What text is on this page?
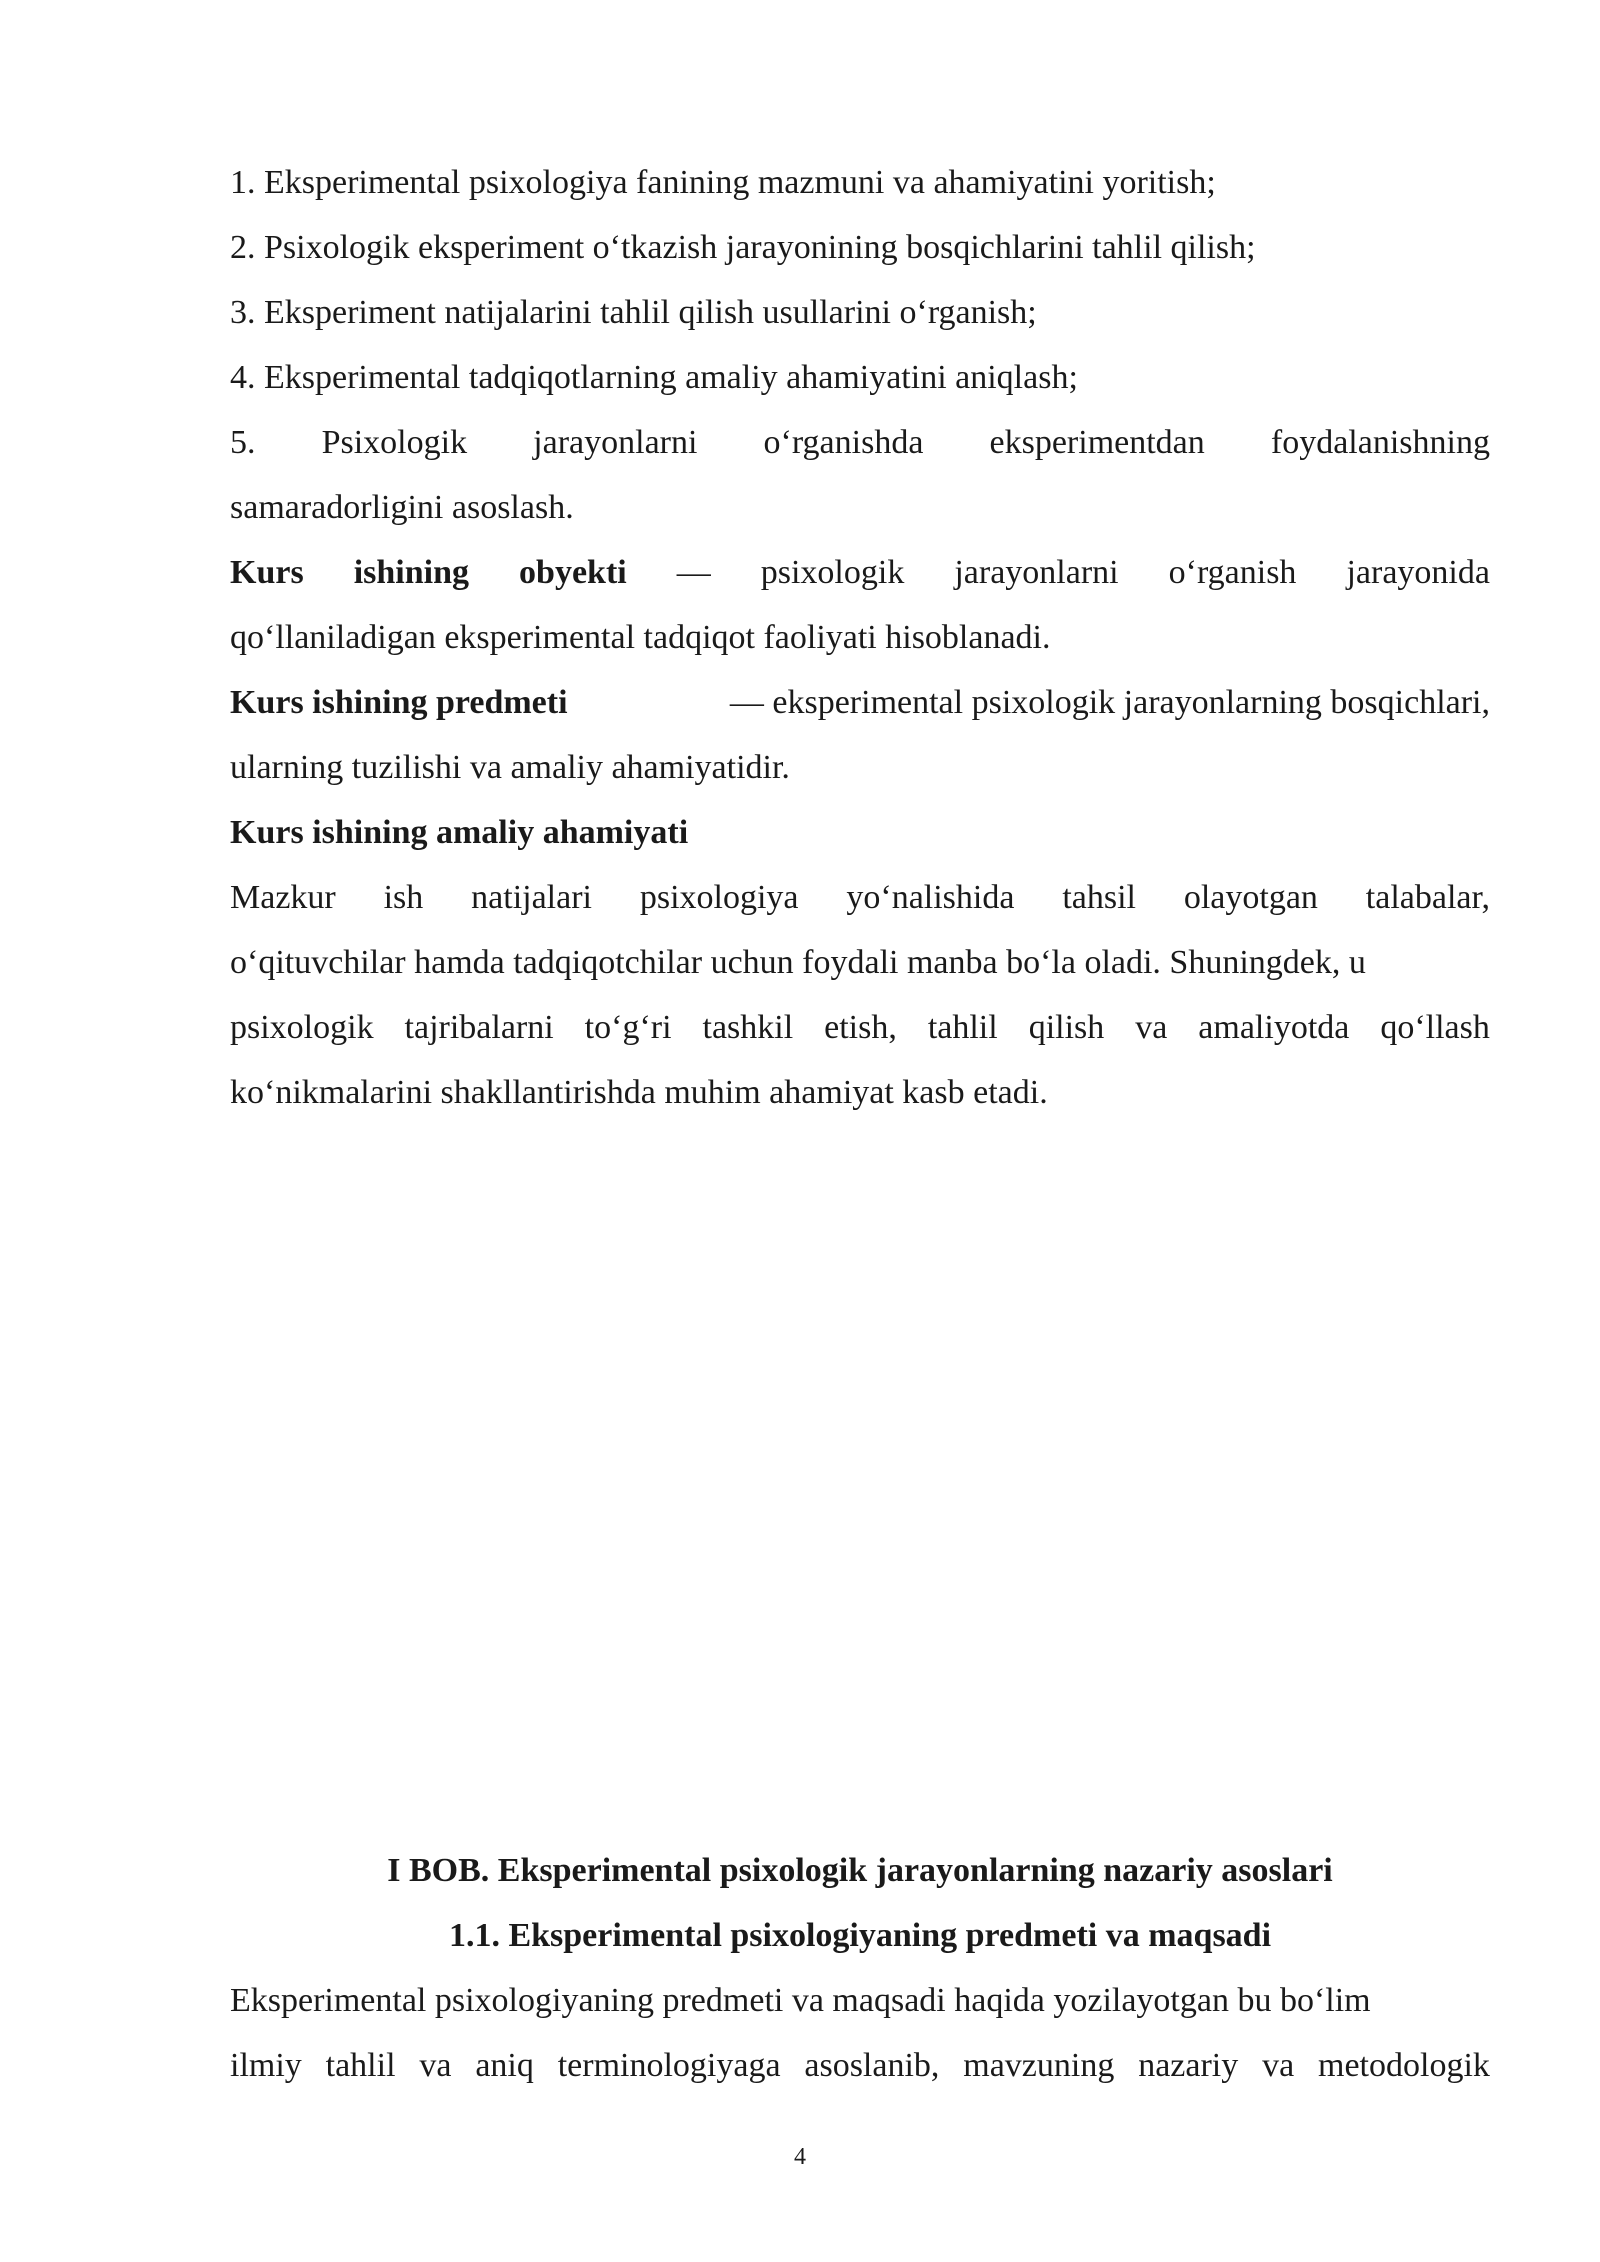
1. Eksperimental psixologiya fanining mazmuni va ahamiyatini yoritish;
2. Psixologik eksperiment o‘tkazish jarayonining bosqichlarini tahlil qilish;
3. Eksperiment natijalarini tahlil qilish usullarini o‘rganish;
4. Eksperimental tadqiqotlarning amaliy ahamiyatini aniqlash;
5. Psixologik jarayonlarni o‘rganishda eksperimentdan foydalanishning
samaradorligini asoslash.
Kurs ishining obyekti — psixologik jarayonlarni o‘rganish jarayonida
qo‘llaniladigan eksperimental tadqiqot faoliyati hisoblanadi.
Kurs ishining predmeti	— eksperimental psixologik jarayonlarning bosqichlari,
ularning tuzilishi va amaliy ahamiyatidir.
Kurs ishining amaliy ahamiyati
Mazkur ish natijalari psixologiya yo‘nalishida tahsil olayotgan talabalar,
o‘qituvchilar hamda tadqiqotchilar uchun foydali manba bo‘la oladi. Shuningdek, u
psixologik tajribalarni to‘g‘ri tashkil etish, tahlil qilish va amaliyotda qo‘llash
ko‘nikmalarini shakllantirishda muhim ahamiyat kasb etadi.
I BOB. Eksperimental psixologik jarayonlarning nazariy asoslari
1.1. Eksperimental psixologiyaning predmeti va maqsadi
Eksperimental psixologiyaning predmeti va maqsadi haqida yozilayotgan bu bo‘lim
ilmiy tahlil va aniq terminologiyaga asoslanib, mavzuning nazariy va metodologik
4
